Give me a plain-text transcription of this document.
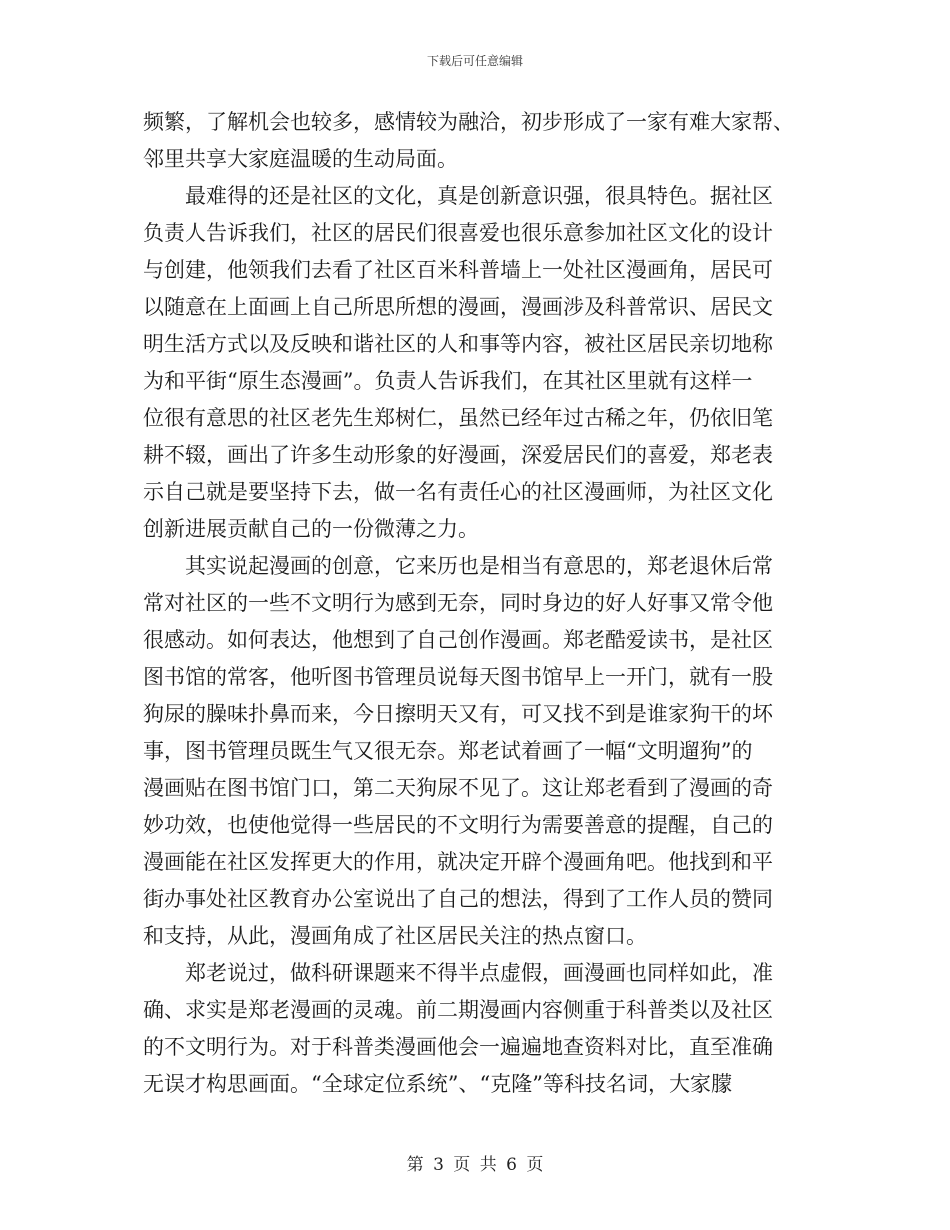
下载后可任意编辑
频繁，了解机会也较多，感情较为融洽，初步形成了一家有难大家帮、
邻里共享大家庭温暖的生动局面。
　　最难得的还是社区的文化，真是创新意识强，很具特色。据社区
负责人告诉我们，社区的居民们很喜爱也很乐意参加社区文化的设计
与创建，他领我们去看了社区百米科普墙上一处社区漫画角，居民可
以随意在上面画上自己所思所想的漫画，漫画涉及科普常识、居民文
明生活方式以及反映和谐社区的人和事等内容，被社区居民亲切地称
为和平街“原生态漫画”。负责人告诉我们，在其社区里就有这样一
位很有意思的社区老先生郑树仁，虽然已经年过古稀之年，仍依旧笔
耕不辍，画出了许多生动形象的好漫画，深爱居民们的喜爱，郑老表
示自己就是要坚持下去，做一名有责任心的社区漫画师，为社区文化
创新进展贡献自己的一份微薄之力。
　　其实说起漫画的创意，它来历也是相当有意思的，郑老退休后常
常对社区的一些不文明行为感到无奈，同时身边的好人好事又常令他
很感动。如何表达，他想到了自己创作漫画。郑老酷爱读书，是社区
图书馆的常客，他听图书管理员说每天图书馆早上一开门，就有一股
狗尿的臊味扑鼻而来，今日擦明天又有，可又找不到是谁家狗干的坏
事，图书管理员既生气又很无奈。郑老试着画了一幅“文明遛狗”的
漫画贴在图书馆门口，第二天狗尿不见了。这让郑老看到了漫画的奇
妙功效，也使他觉得一些居民的不文明行为需要善意的提醒，自己的
漫画能在社区发挥更大的作用，就决定开辟个漫画角吧。他找到和平
街办事处社区教育办公室说出了自己的想法，得到了工作人员的赞同
和支持，从此，漫画角成了社区居民关注的热点窗口。
　　郑老说过，做科研课题来不得半点虚假，画漫画也同样如此，准
确、求实是郑老漫画的灵魂。前二期漫画内容侧重于科普类以及社区
的不文明行为。对于科普类漫画他会一遍遍地查资料对比，直至准确
无误才构思画面。“全球定位系统”、“克隆”等科技名词，大家朦
第 3 页 共 6 页
